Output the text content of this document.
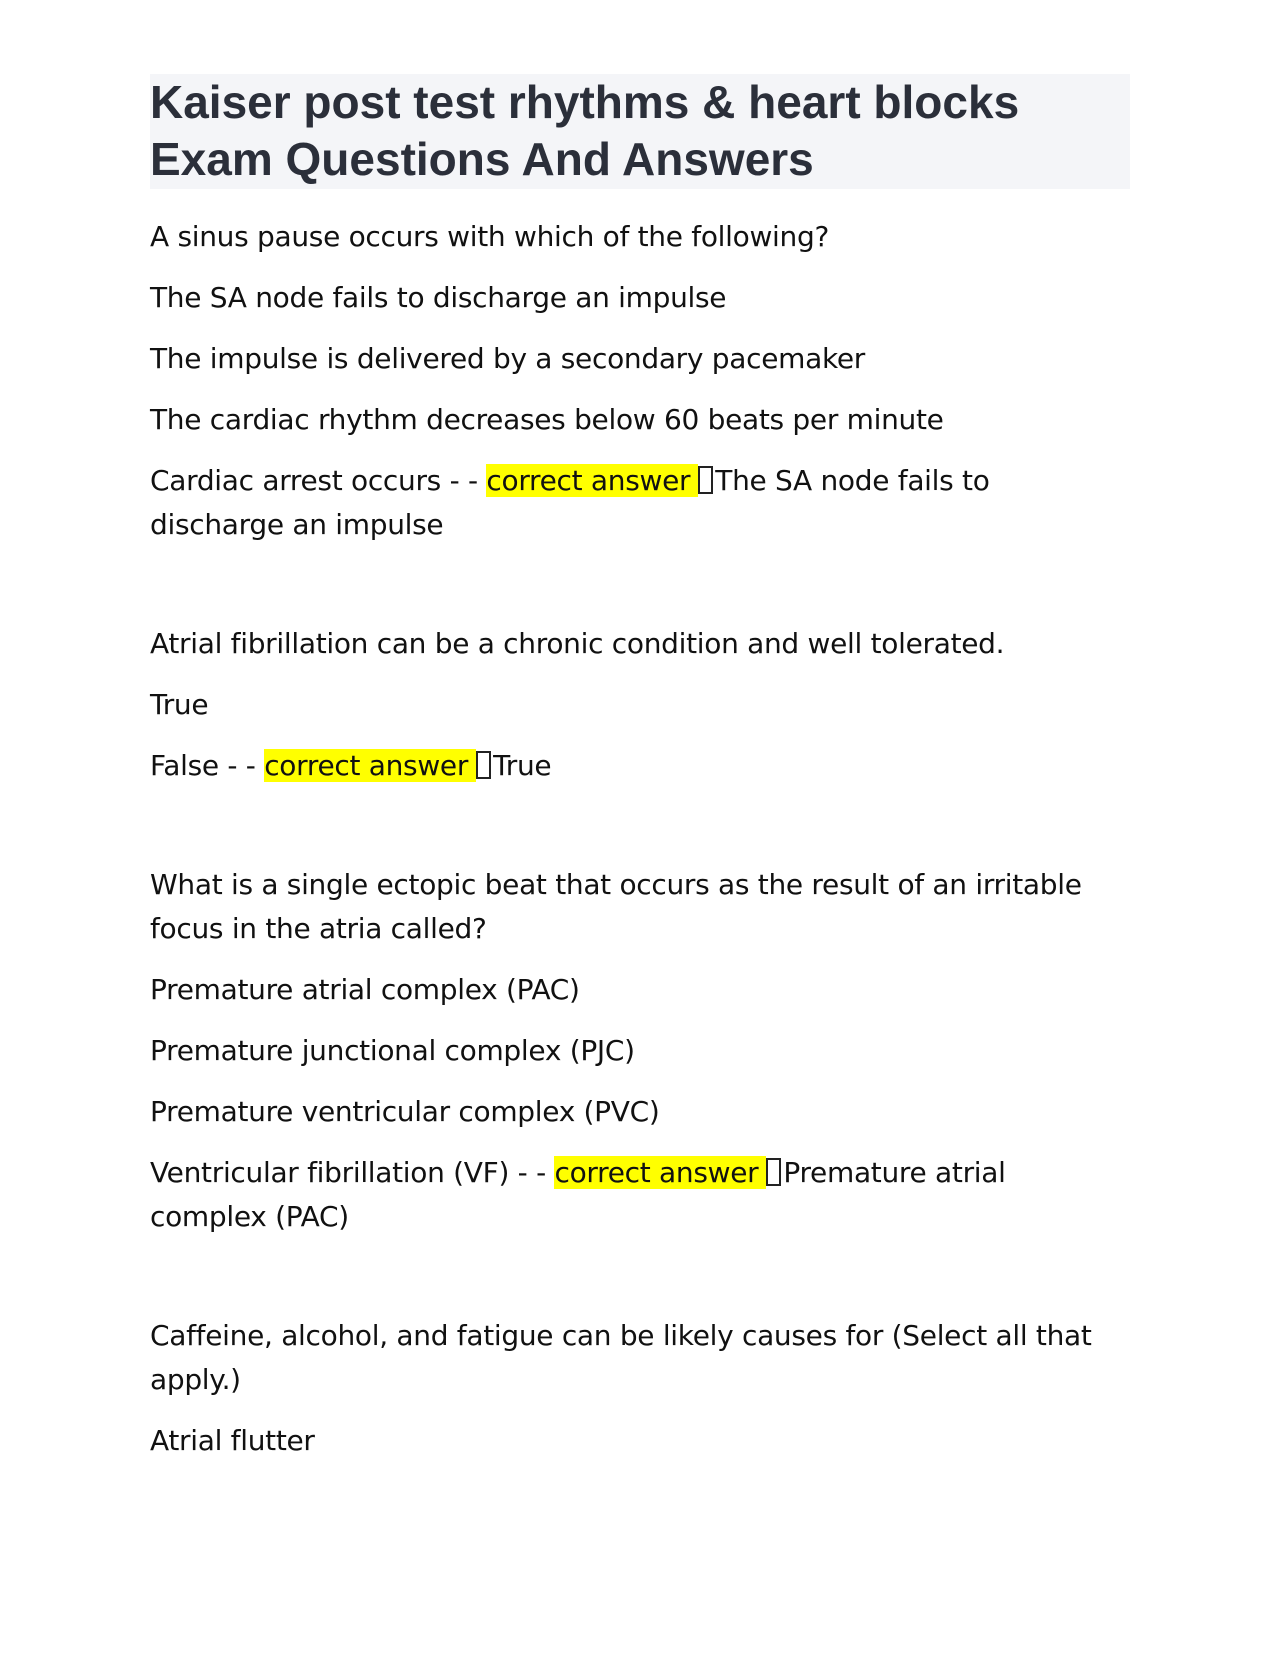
Kaiser post test rhythms & heart blocks
Exam Questions And Answers

A sinus pause occurs with which of the following?

The SA node fails to discharge an impulse

The impulse is delivered by a secondary pacemaker

The cardiac rhythm decreases below 60 beats per minute

Cardiac arrest occurs - - correct answer The SA node fails to discharge an impulse

Atrial fibrillation can be a chronic condition and well tolerated.

True

False - - correct answer True

What is a single ectopic beat that occurs as the result of an irritable focus in the atria called?

Premature atrial complex (PAC)

Premature junctional complex (PJC)

Premature ventricular complex (PVC)

Ventricular fibrillation (VF) - - correct answer Premature atrial complex (PAC)

Caffeine, alcohol, and fatigue can be likely causes for (Select all that apply.)

Atrial flutter
